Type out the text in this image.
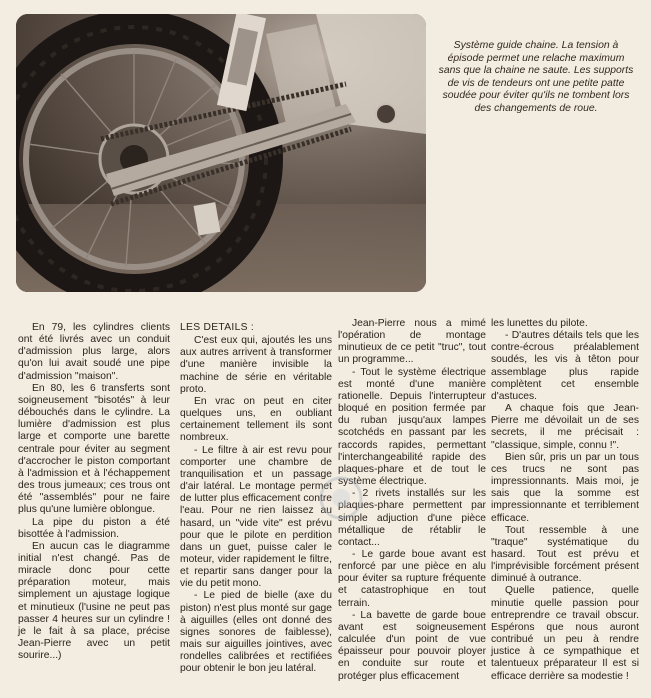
Système guide chaine. La tension à épisode permet une relache maximum sans que la chaine ne saute. Les supports de vis de tendeurs ont une petite patte soudée pour éviter qu'ils ne tombent lors des changements de roue.

En 79, les cylindres clients ont été livrés avec un conduit d'admission plus large, alors qu'on lui avait soudé une pipe d'admission "maison".

En 80, les 6 transferts sont soigneusement "bisotés" à leur débouchés dans le cylindre. La lumière d'admission est plus large et comporte une barette centrale pour éviter au segment d'accrocher le piston comportant à l'admission et à l'échappement des trous jumeaux; ces trous ont été "assemblés" pour ne faire plus qu'une lumière oblongue.

La pipe du piston a été bisottée à l'admission.

En aucun cas le diagramme initial n'est changé. Pas de miracle donc pour cette préparation moteur, mais simplement un ajustage logique et minutieux (l'usine ne peut pas passer 4 heures sur un cylindre ! je le fait à sa place, précise Jean-Pierre avec un petit sourire...)

LES DETAILS :

C'est eux qui, ajoutés les uns aux autres arrivent à transformer d'une manière invisible la machine de série en véritable proto.

En vrac on peut en citer quelques uns, en oubliant certainement tellement ils sont nombreux.

- Le filtre à air est revu pour comporter une chambre de tranquilisation et un passage d'air latéral. Le montage permet de lutter plus efficacement contre l'eau. Pour ne rien laissez au hasard, un "vide vite" est prévu pour que le pilote en perdition dans un guet, puisse caler le moteur, vider rapidement le filtre, et repartir sans danger pour la vie du petit mono.

- Le pied de bielle (axe du piston) n'est plus monté sur gage à aiguilles (elles ont donné des signes sonores de faiblesse), mais sur aiguilles jointives, avec rondelles calibrées et rectifiées pour obtenir le bon jeu latéral.

Jean-Pierre nous a mimé l'opération de montage minutieux de ce petit "truc", tout un programme...

- Tout le système électrique est monté d'une manière rationelle. Depuis l'interrupteur bloqué en position fermée par du ruban jusqu'aux lampes scotchéds en passant par les raccords rapides, permettant l'interchangeabilité rapide des plaques-phare et de tout le système électrique.

- 2 rivets installés sur les plaques-phare permettent par simple adjuction d'une pièce métallique de rétablir le contact...

- Le garde boue avant est renforcé par une pièce en alu pour éviter sa rupture fréquente et catastrophique en tout terrain.

- La bavette de garde boue avant est soigneusement calculée d'un point de vue épaisseur pour pouvoir ployer en conduite sur route et protéger plus efficacement

les lunettes du pilote.

- D'autres détails tels que les contre-écrous préalablement soudés, les vis à têton pour assemblage plus rapide complètent cet ensemble d'astuces.

A chaque fois que Jean-Pierre me dévoilait un de ses secrets, il me précisait : "classique, simple, connu !".

Bien sûr, pris un par un tous ces trucs ne sont pas impressionnants. Mais moi, je sais que la somme est impressionnante et terriblement efficace.

Tout ressemble à une "traque" systématique du hasard. Tout est prévu et l'imprévisible forcément présent diminué à outrance.

Quelle patience, quelle minutie quelle passion pour entreprendre ce travail obscur. Espérons que nous auront contribué un peu à rendre justice à ce sympathique et talentueux préparateur Il est si efficace derrière sa modestie !
